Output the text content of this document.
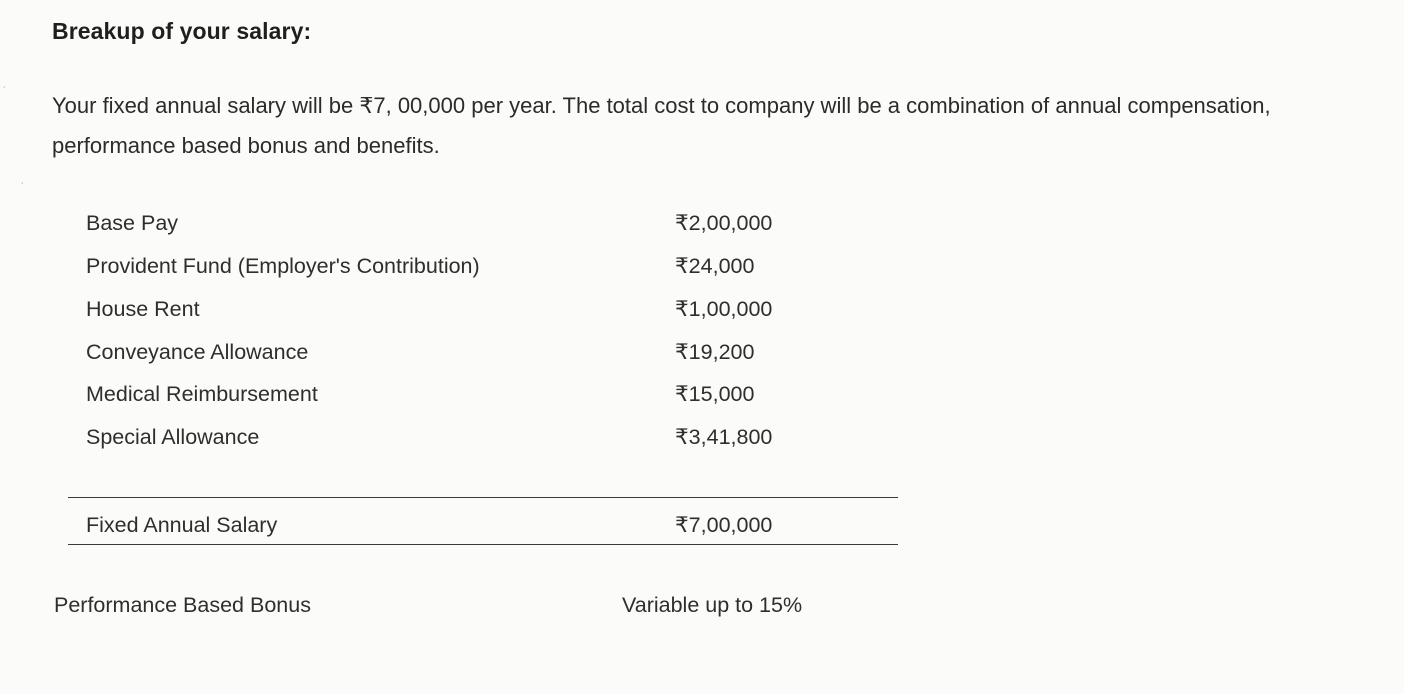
Breakup of your salary:
Your fixed annual salary will be ₹7, 00,000 per year. The total cost to company will be a combination of annual compensation, performance based bonus and benefits.
Base Pay	₹2,00,000
Provident Fund (Employer's Contribution)	₹24,000
House Rent	₹1,00,000
Conveyance Allowance	₹19,200
Medical Reimbursement	₹15,000
Special Allowance	₹3,41,800
Fixed Annual Salary	₹7,00,000
Performance Based Bonus	Variable up to 15%
·
·
